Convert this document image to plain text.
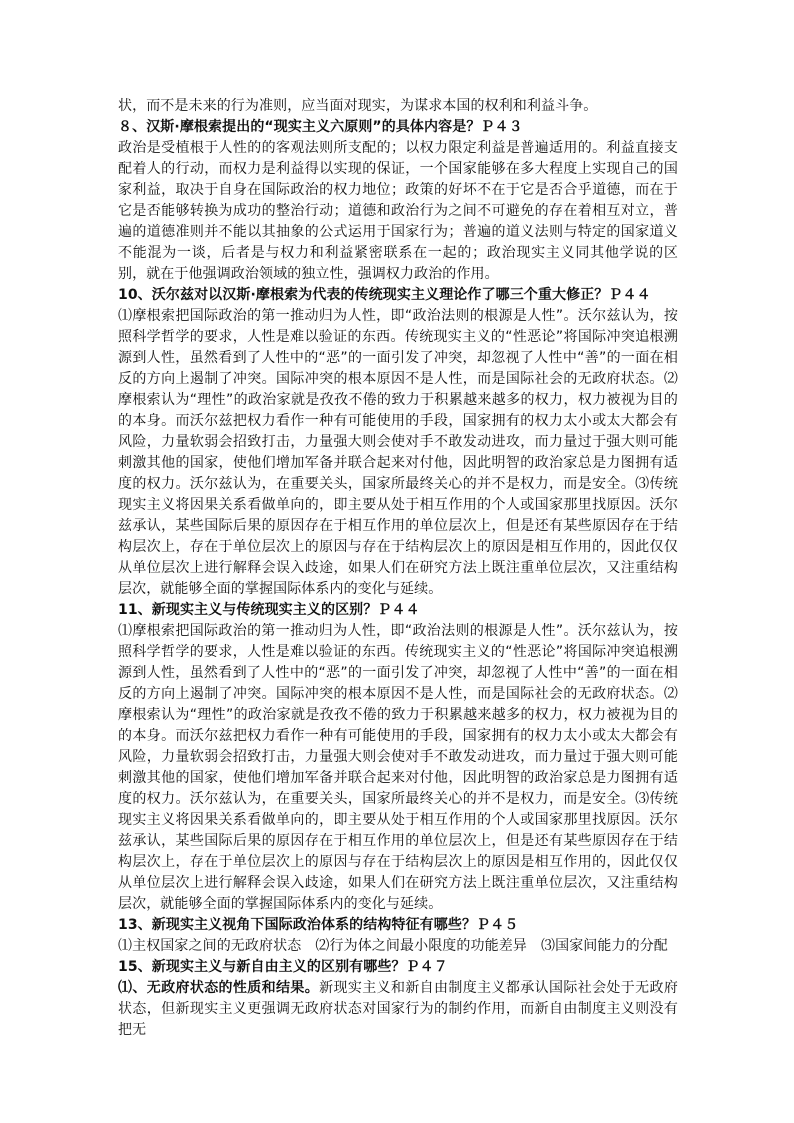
状，而不是未来的行为准则，应当面对现实，为谋求本国的权利和利益斗争。

８、汉斯·摩根索提出的“现实主义六原则”的具体内容是？Ｐ４３

政治是受植根于人性的的客观法则所支配的；以权力限定利益是普遍适用的。利益直接支配着人的行动，而权力是利益得以实现的保证，一个国家能够在多大程度上实现自己的国家利益，取决于自身在国际政治的权力地位；政策的好坏不在于它是否合乎道德，而在于它是否能够转换为成功的整治行动；道德和政治行为之间不可避免的存在着相互对立，普遍的道德准则并不能以其抽象的公式运用于国家行为；普遍的道义法则与特定的国家道义不能混为一谈，后者是与权力和利益紧密联系在一起的；政治现实主义同其他学说的区别，就在于他强调政治领域的独立性，强调权力政治的作用。

10、沃尔兹对以汉斯·摩根索为代表的传统现实主义理论作了哪三个重大修正？Ｐ４４

⑴摩根索把国际政治的第一推动归为人性，即“政治法则的根源是人性”。沃尔兹认为，按照科学哲学的要求，人性是难以验证的东西。传统现实主义的“性恶论”将国际冲突追根溯源到人性，虽然看到了人性中的“恶”的一面引发了冲突，却忽视了人性中“善”的一面在相反的方向上遏制了冲突。国际冲突的根本原因不是人性，而是国际社会的无政府状态。⑵摩根索认为“理性”的政治家就是孜孜不倦的致力于积累越来越多的权力，权力被视为目的的本身。而沃尔兹把权力看作一种有可能使用的手段，国家拥有的权力太小或太大都会有风险，力量软弱会招致打击，力量强大则会使对手不敢发动进攻，而力量过于强大则可能刺激其他的国家，使他们增加军备并联合起来对付他，因此明智的政治家总是力图拥有适度的权力。沃尔兹认为，在重要关头，国家所最终关心的并不是权力，而是安全。⑶传统现实主义将因果关系看做单向的，即主要从处于相互作用的个人或国家那里找原因。沃尔兹承认，某些国际后果的原因存在于相互作用的单位层次上，但是还有某些原因存在于结构层次上，存在于单位层次上的原因与存在于结构层次上的原因是相互作用的，因此仅仅从单位层次上进行解释会误入歧途，如果人们在研究方法上既注重单位层次，又注重结构层次，就能够全面的掌握国际体系内的变化与延续。

11、新现实主义与传统现实主义的区别？Ｐ４４

⑴摩根索把国际政治的第一推动归为人性，即“政治法则的根源是人性”。沃尔兹认为，按照科学哲学的要求，人性是难以验证的东西。传统现实主义的“性恶论”将国际冲突追根溯源到人性，虽然看到了人性中的“恶”的一面引发了冲突，却忽视了人性中“善”的一面在相反的方向上遏制了冲突。国际冲突的根本原因不是人性，而是国际社会的无政府状态。⑵摩根索认为“理性”的政治家就是孜孜不倦的致力于积累越来越多的权力，权力被视为目的的本身。而沃尔兹把权力看作一种有可能使用的手段，国家拥有的权力太小或太大都会有风险，力量软弱会招致打击，力量强大则会使对手不敢发动进攻，而力量过于强大则可能刺激其他的国家，使他们增加军备并联合起来对付他，因此明智的政治家总是力图拥有适度的权力。沃尔兹认为，在重要关头，国家所最终关心的并不是权力，而是安全。⑶传统现实主义将因果关系看做单向的，即主要从处于相互作用的个人或国家那里找原因。沃尔兹承认，某些国际后果的原因存在于相互作用的单位层次上，但是还有某些原因存在于结构层次上，存在于单位层次上的原因与存在于结构层次上的原因是相互作用的，因此仅仅从单位层次上进行解释会误入歧途，如果人们在研究方法上既注重单位层次，又注重结构层次，就能够全面的掌握国际体系内的变化与延续。

13、新现实主义视角下国际政治体系的结构特征有哪些？Ｐ４５

⑴主权国家之间的无政府状态　⑵行为体之间最小限度的功能差异　⑶国家间能力的分配

15、新现实主义与新自由主义的区别有哪些？Ｐ４７

⑴、无政府状态的性质和结果。新现实主义和新自由制度主义都承认国际社会处于无政府状态，但新现实主义更强调无政府状态对国家行为的制约作用，而新自由制度主义则没有把无
